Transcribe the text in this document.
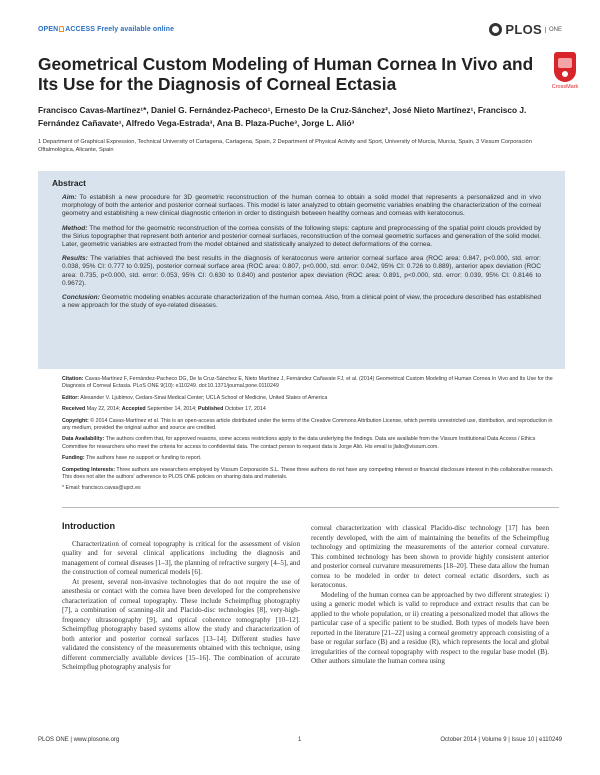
OPEN ACCESS Freely available online	PLOS	ONE
Geometrical Custom Modeling of Human Cornea In Vivo and Its Use for the Diagnosis of Corneal Ectasia	CrossMark
Francisco Cavas-Martínez¹*, Daniel G. Fernández-Pacheco¹, Ernesto De la Cruz-Sánchez², José Nieto Martínez¹, Francisco J. Fernández Cañavate¹, Alfredo Vega-Estrada³, Ana B. Plaza-Puche³, Jorge L. Alió³
1 Department of Graphical Expression, Technical University of Cartagena, Cartagena, Spain, 2 Department of Physical Activity and Sport, University of Murcia, Murcia, Spain, 3 Vissum Corporación Oftalmológica, Alicante, Spain
Abstract

Aim: To establish a new procedure for 3D geometric reconstruction of the human cornea to obtain a solid model that represents a personalized and in vivo morphology of both the anterior and posterior corneal surfaces. This model is later analyzed to obtain geometric variables enabling the characterization of the corneal geometry and establishing a new clinical diagnostic criterion in order to distinguish between healthy corneas and corneas with keratoconus.

Method: The method for the geometric reconstruction of the cornea consists of the following steps: capture and preprocessing of the spatial point clouds provided by the Sirius topographer that represent both anterior and posterior corneal surfaces, reconstruction of the corneal geometric surfaces and generation of the solid model. Later, geometric variables are extracted from the model obtained and statistically analyzed to detect deformations of the cornea.

Results: The variables that achieved the best results in the diagnosis of keratoconus were anterior corneal surface area (ROC area: 0.847, p<0.000, std. error: 0.038, 95% CI: 0.777 to 0.925), posterior corneal surface area (ROC area: 0.807, p<0.000, std. error: 0.042, 95% CI: 0.726 to 0.889), anterior apex deviation (ROC area: 0.735, p<0.000, std. error: 0.053, 95% CI: 0.630 to 0.840) and posterior apex deviation (ROC area: 0.891, p<0.000, std. error: 0.039, 95% CI: 0.8146 to 0.9672).

Conclusion: Geometric modeling enables accurate characterization of the human cornea. Also, from a clinical point of view, the procedure described has established a new approach for the study of eye-related diseases.

Citation: Cavas-Martínez F, Fernández-Pacheco DG, De la Cruz-Sánchez E, Nieto Martínez J, Fernández Cañavate FJ, et al. (2014) Geometrical Custom Modeling of Human Cornea In Vivo and Its Use for the Diagnosis of Corneal Ectasia. PLoS ONE 9(10): e110249. doi:10.1371/journal.pone.0110249
Editor: Alexander V. Ljubimov, Cedars-Sinai Medical Center; UCLA School of Medicine, United States of America
Received May 22, 2014; Accepted September 14, 2014; Published October 17, 2014
Copyright: © 2014 Cavas-Martínez et al. This is an open-access article distributed under the terms of the Creative Commons Attribution License, which permits unrestricted use, distribution, and reproduction in any medium, provided the original author and source are credited.
Data Availability: The authors confirm that, for approved reasons, some access restrictions apply to the data underlying the findings. Data are available from the Vissum Institutional Data Access / Ethics Committee for researchers who meet the criteria for access to confidential data. The contact person to request data is Jorge Alió. His email is jlalio@vissum.com.
Funding: The authors have no support or funding to report.
Competing Interests: Three authors are researchers employed by Vissum Corporación S.L. These three authors do not have any competing interest or financial disclosure interest in this collaborative research. This does not alter the authors' adherence to PLOS ONE policies on sharing data and materials.
* Email: francisco.cavas@upct.es
Introduction

Characterization of corneal topography is critical for the assessment of vision quality and for several clinical applications including the diagnosis and management of corneal diseases [1–3], the planning of refractive surgery [4–5], and the construction of corneal numerical models [6].

At present, several non-invasive technologies that do not require the use of anesthesia or contact with the cornea have been developed for the comprehensive characterization of corneal topography. These include Scheimpflug photography [7], a combination of scanning-slit and Placido-disc technologies [8], very-high-frequency ultrasonography [9], and optical coherence tomography [10–12]. Scheimpflug photography based systems allow the study and characterization of both anterior and posterior corneal surfaces [13–14]. Different studies have validated the consistency of the measurements obtained with this technique, using different commercially available devices [15–16]. The combination of accurate Scheimpflug photography analysis for

corneal characterization with classical Placido-disc technology [17] has been recently developed, with the aim of maintaining the benefits of the Scheimpflug technology and optimizing the measurements of the anterior corneal curvature. This combined technology has been shown to provide highly consistent anterior and posterior corneal curvature measurements [18–20]. These data allow the human cornea to be modeled in order to detect corneal ectatic disorders, such as keratoconus.

Modeling of the human cornea can be approached by two different strategies: i) using a generic model which is valid to reproduce and extract results that can be applied to the whole population, or ii) creating a personalized model that allows the particular case of a specific patient to be studied. Both types of models have been reported in the literature [21–22] using a corneal geometry approach consisting of a base or regular surface (B) and a residue (R), which represents the local and global irregularities of the corneal topography with respect to the regular base model (B). Other authors simulate the human cornea using

PLOS ONE | www.plosone.org	1	October 2014 | Volume 9 | Issue 10 | e110249
